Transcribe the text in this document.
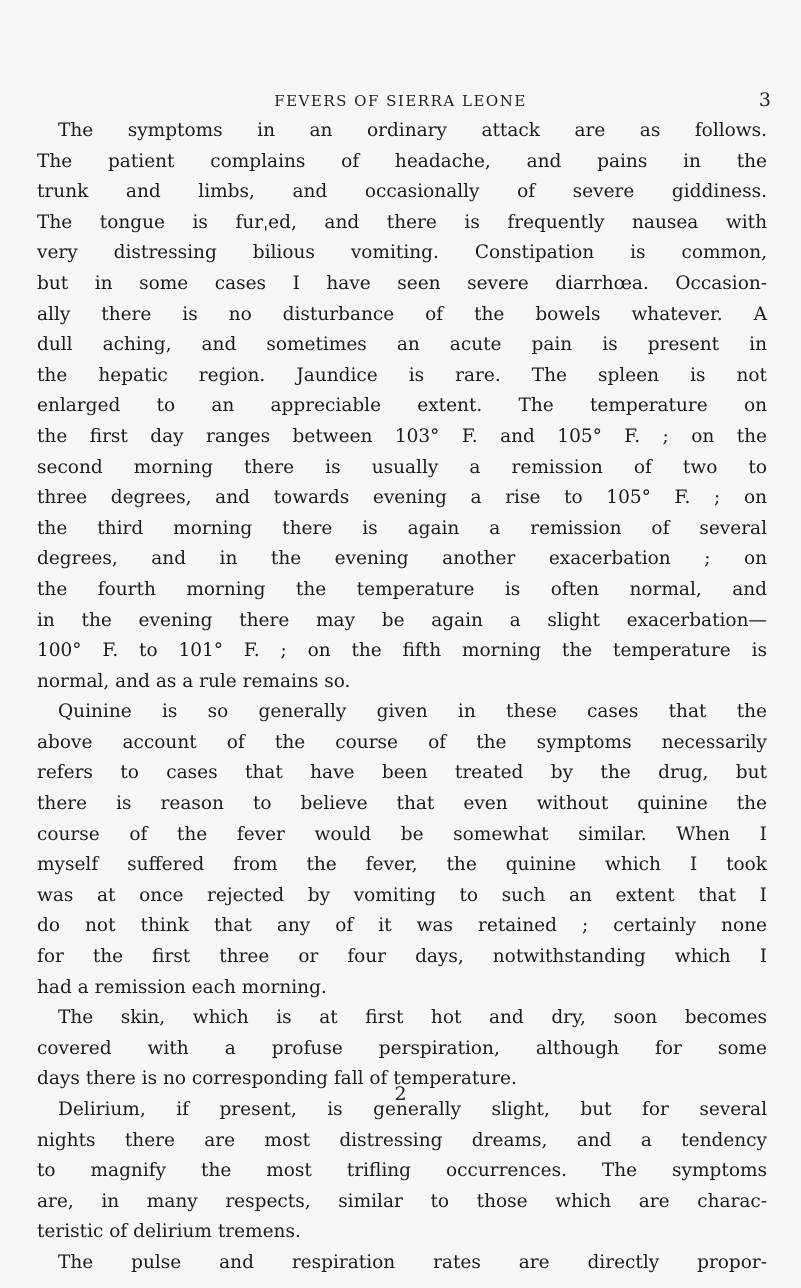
FEVERS OF SIERRA LEONE	3
The symptoms in an ordinary attack are as follows.
The patient complains of headache, and pains in the
trunk and limbs, and occasionally of severe giddiness.
The tongue is furˌed, and there is frequently nausea with
very distressing bilious vomiting. Constipation is common,
but in some cases I have seen severe diarrhœa. Occasion-
ally there is no disturbance of the bowels whatever. A
dull aching, and sometimes an acute pain is present in
the hepatic region. Jaundice is rare. The spleen is not
enlarged to an appreciable extent. The temperature on
the first day ranges between 103° F. and 105° F. ; on the
second morning there is usually a remission of two to
three degrees, and towards evening a rise to 105° F. ; on
the third morning there is again a remission of several
degrees, and in the evening another exacerbation ; on
the fourth morning the temperature is often normal, and
in the evening there may be again a slight exacerbation—
100° F. to 101° F. ; on the fifth morning the temperature is
normal, and as a rule remains so.
Quinine is so generally given in these cases that the
above account of the course of the symptoms necessarily
refers to cases that have been treated by the drug, but
there is reason to believe that even without quinine the
course of the fever would be somewhat similar. When I
myself suffered from the fever, the quinine which I took
was at once rejected by vomiting to such an extent that I
do not think that any of it was retained ; certainly none
for the first three or four days, notwithstanding which I
had a remission each morning.
The skin, which is at first hot and dry, soon becomes
covered with a profuse perspiration, although for some
days there is no corresponding fall of temperature.
Delirium, if present, is generally slight, but for several
nights there are most distressing dreams, and a tendency
to magnify the most trifling occurrences. The symptoms
are, in many respects, similar to those which are charac-
teristic of delirium tremens.
The pulse and respiration rates are directly propor-
2
